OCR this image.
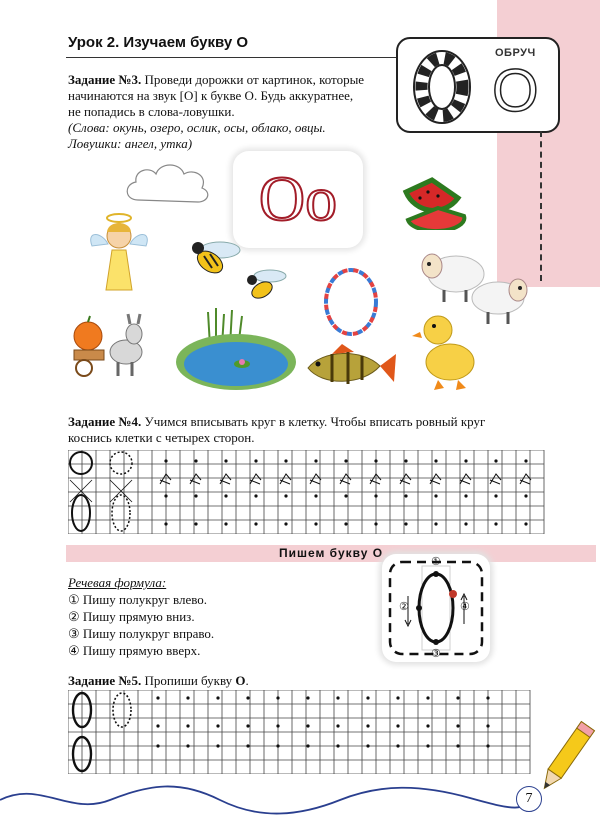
Урок 2. Изучаем букву О
Задание №3. Проведи дорожки от картинок, которые
начинаются на звук [О] к букве О. Будь аккуратнее,
не попадись в слова-ловушки.
(Слова: окунь, озеро, ослик, осы, облако, овцы.
Ловушки: ангел, утка)
ОБРУЧ
О
Оо
Задание №4. Учимся вписывать круг в клетку. Чтобы вписать ровный круг
коснись клетки с четырех сторон.
Пишем букву О
Речевая формула:
① Пишу полукруг влево.
② Пишу прямую вниз.
③ Пишу полукруг вправо.
④ Пишу прямую вверх.
①
②
③
④
Задание №5. Пропиши букву О.
7
